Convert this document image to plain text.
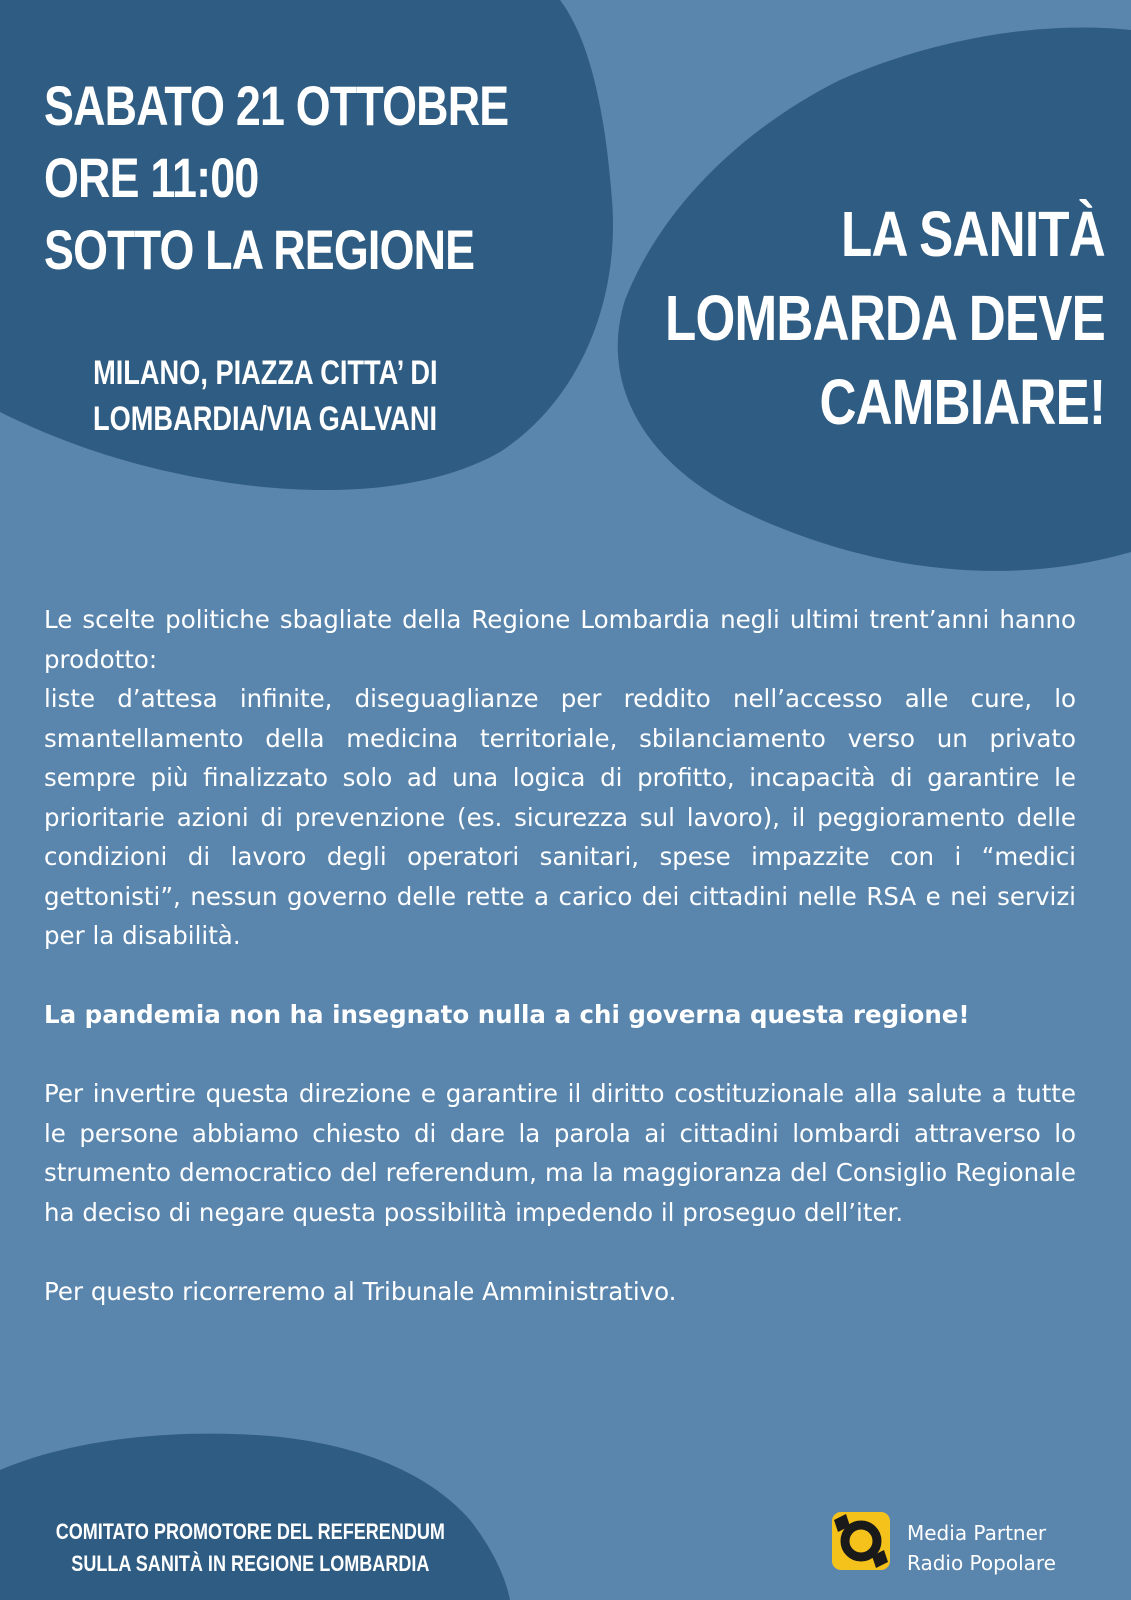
SABATO 21 OTTOBRE
ORE 11:00
SOTTO LA REGIONE
MILANO, PIAZZA CITTA’ DI
LOMBARDIA/VIA GALVANI
LA SANITÀ
LOMBARDA DEVE
CAMBIARE!

Le scelte politiche sbagliate della Regione Lombardia negli ultimi trent’anni hanno prodotto:

liste d’attesa infinite, diseguaglianze per reddito nell’accesso alle cure, lo smantellamento della medicina territoriale, sbilanciamento verso un privato sempre più finalizzato solo ad una logica di profitto, incapacità di garantire le prioritarie azioni di prevenzione (es. sicurezza sul lavoro), il peggioramento delle condizioni di lavoro degli operatori sanitari, spese impazzite con i “medici gettonisti”, nessun governo delle rette a carico dei cittadini nelle RSA e nei servizi per la disabilità.

La pandemia non ha insegnato nulla a chi governa questa regione!

Per invertire questa direzione e garantire il diritto costituzionale alla salute a tutte le persone abbiamo chiesto di dare la parola ai cittadini lombardi attraverso lo strumento democratico del referendum, ma la maggioranza del Consiglio Regionale ha deciso di negare questa possibilità impedendo il proseguo dell’iter.

Per questo ricorreremo al Tribunale Amministrativo.

COMITATO PROMOTORE DEL REFERENDUM
SULLA SANITÀ IN REGIONE LOMBARDIA
Media Partner
Radio Popolare
